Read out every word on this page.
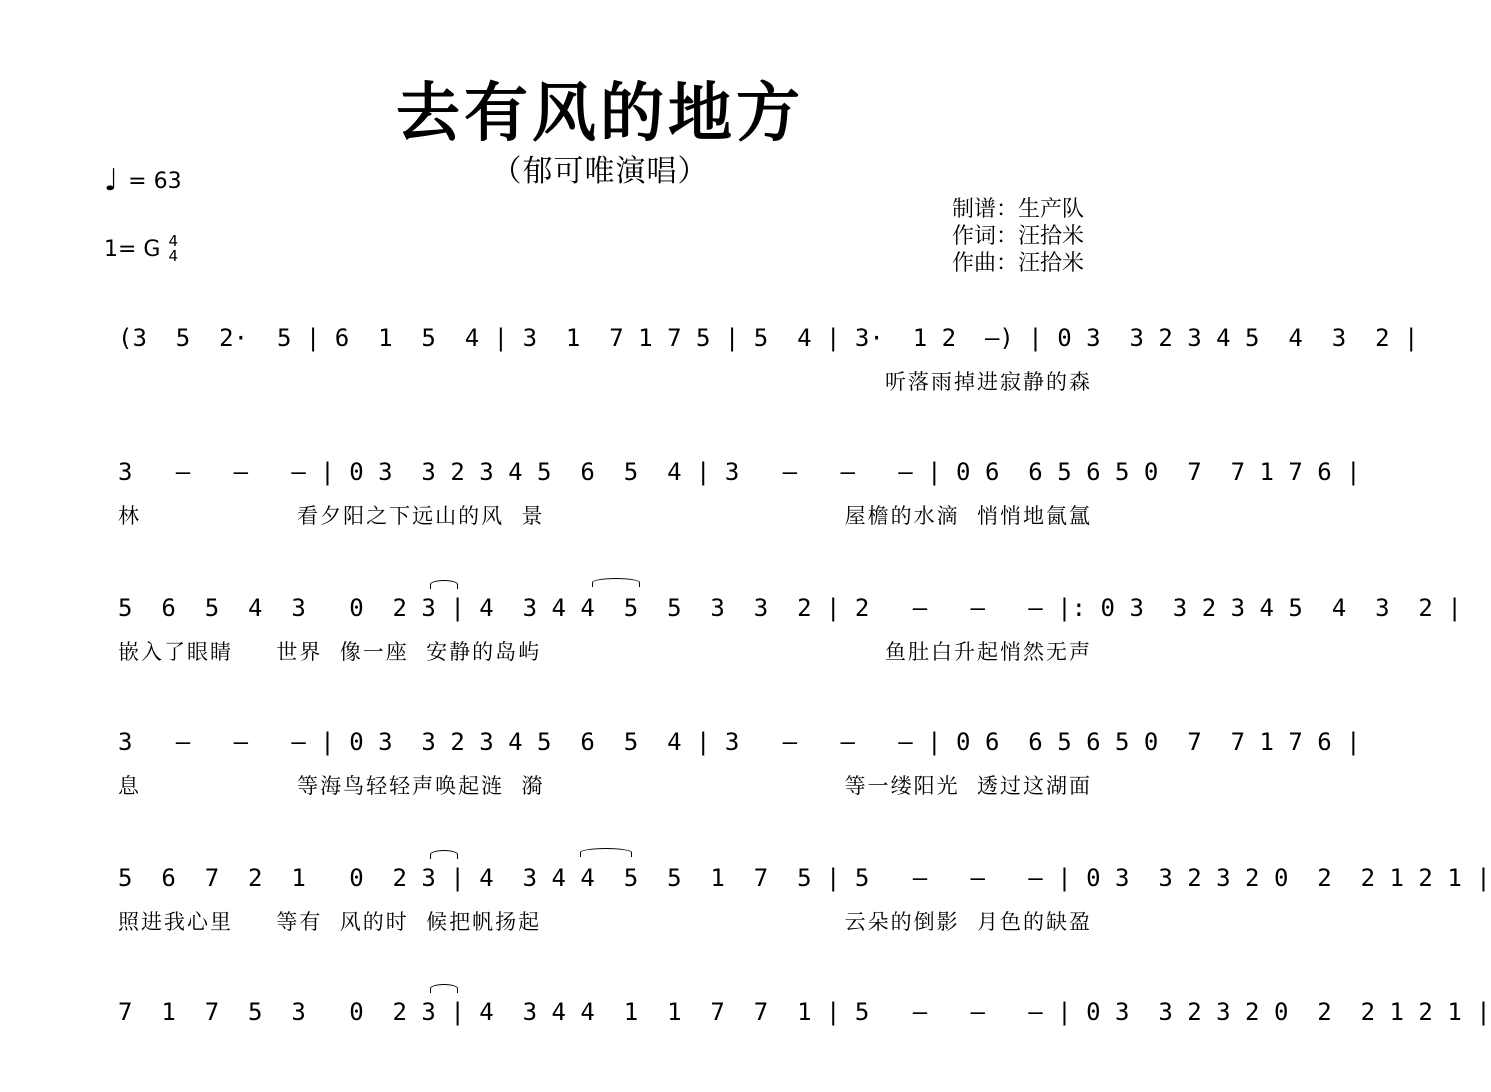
去有风的地方
（郁可唯演唱）
♩ = 63
1= G 4
4
制谱：生产队
作词：汪拾米
作曲：汪拾米
(3  5  2·  5 | 6  1  5  4 | 3  1  7 1 7 5 | 5  4 | 3·  1 2  —) | 0 3  3 2 3 4 5  4  3  2 |
听落雨掉进寂静的森
3   —   —   — | 0 3  3 2 3 4 5  6  5  4 | 3   —   —   — | 0 6  6 5 6 5 0  7  7 1 7 6 |
林                  看夕阳之下远山的风  景	屋檐的水滴  悄悄地氤氲
5  6  5  4  3   0  2 3 | 4  3 4 4  5  5  3  3  2 | 2   —   —   — |: 0 3  3 2 3 4 5  4  3  2 |
嵌入了眼睛     世界  像一座  安静的岛屿	鱼肚白升起悄然无声
3   —   —   — | 0 3  3 2 3 4 5  6  5  4 | 3   —   —   — | 0 6  6 5 6 5 0  7  7 1 7 6 |
息                  等海鸟轻轻声唤起涟  漪	等一缕阳光  透过这湖面
5  6  7  2  1   0  2 3 | 4  3 4 4  5  5  1  7  5 | 5   —   —   — | 0 3  3 2 3 2 0  2  2 1 2 1 |
照进我心里     等有  风的时  候把帆扬起	云朵的倒影  月色的缺盈
7  1  7  5  3   0  2 3 | 4  3 4 4  1  1  7  7  1 | 5   —   —   — | 0 3  3 2 3 2 0  2  2 1 2 1 |
